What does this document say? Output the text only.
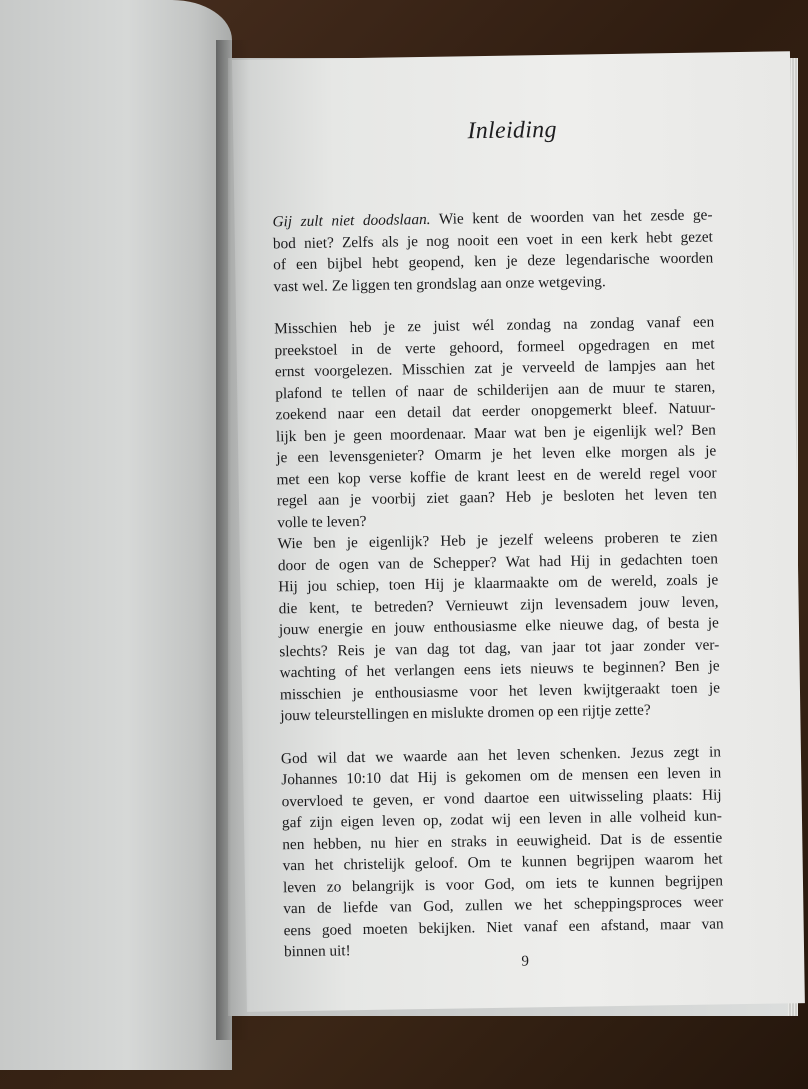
Inleiding
Gij zult niet doodslaan. Wie kent de woorden van het zesde ge-
bod niet? Zelfs als je nog nooit een voet in een kerk hebt gezet
of een bijbel hebt geopend, ken je deze legendarische woorden
vast wel. Ze liggen ten grondslag aan onze wetgeving.
Misschien heb je ze juist wél zondag na zondag vanaf een
preekstoel in de verte gehoord, formeel opgedragen en met
ernst voorgelezen. Misschien zat je verveeld de lampjes aan het
plafond te tellen of naar de schilderijen aan de muur te staren,
zoekend naar een detail dat eerder onopgemerkt bleef. Natuur-
lijk ben je geen moordenaar. Maar wat ben je eigenlijk wel? Ben
je een levensgenieter? Omarm je het leven elke morgen als je
met een kop verse koffie de krant leest en de wereld regel voor
regel aan je voorbij ziet gaan? Heb je besloten het leven ten
volle te leven?
Wie ben je eigenlijk? Heb je jezelf weleens proberen te zien
door de ogen van de Schepper? Wat had Hij in gedachten toen
Hij jou schiep, toen Hij je klaarmaakte om de wereld, zoals je
die kent, te betreden? Vernieuwt zijn levensadem jouw leven,
jouw energie en jouw enthousiasme elke nieuwe dag, of besta je
slechts? Reis je van dag tot dag, van jaar tot jaar zonder ver-
wachting of het verlangen eens iets nieuws te beginnen? Ben je
misschien je enthousiasme voor het leven kwijtgeraakt toen je
jouw teleurstellingen en mislukte dromen op een rijtje zette?
God wil dat we waarde aan het leven schenken. Jezus zegt in
Johannes 10:10 dat Hij is gekomen om de mensen een leven in
overvloed te geven, er vond daartoe een uitwisseling plaats: Hij
gaf zijn eigen leven op, zodat wij een leven in alle volheid kun-
nen hebben, nu hier en straks in eeuwigheid. Dat is de essentie
van het christelijk geloof. Om te kunnen begrijpen waarom het
leven zo belangrijk is voor God, om iets te kunnen begrijpen
van de liefde van God, zullen we het scheppingsproces weer
eens goed moeten bekijken. Niet vanaf een afstand, maar van
binnen uit!
9
